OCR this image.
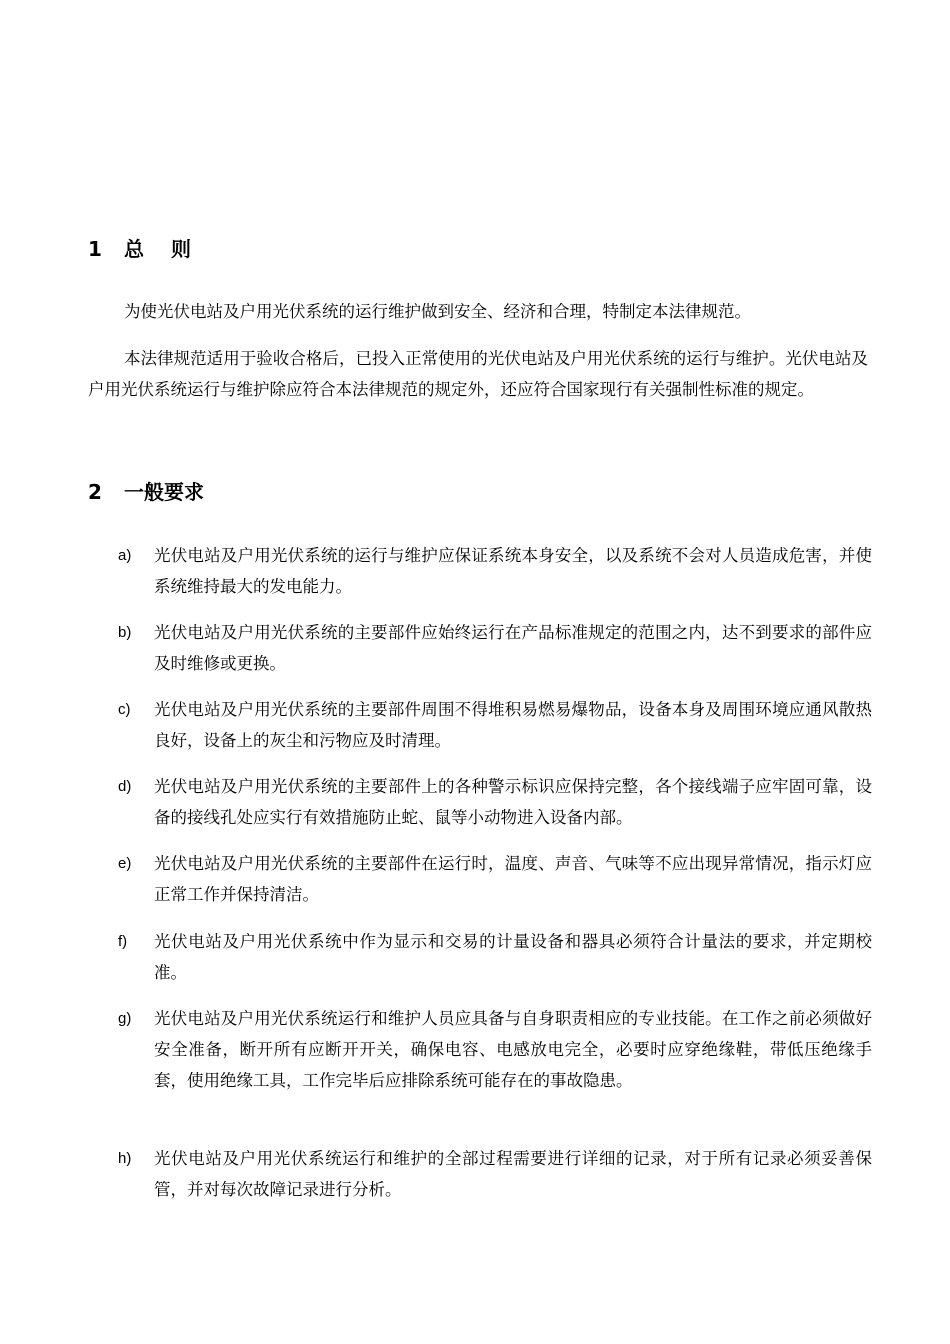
1 总 则
为使光伏电站及户用光伏系统的运行维护做到安全、经济和合理，特制定本法律规范。
本法律规范适用于验收合格后，已投入正常使用的光伏电站及户用光伏系统的运行与维护。光伏电站及户用光伏系统运行与维护除应符合本法律规范的规定外，还应符合国家现行有关强制性标准的规定。
2 一般要求
a) 光伏电站及户用光伏系统的运行与维护应保证系统本身安全，以及系统不会对人员造成危害，并使系统维持最大的发电能力。
b) 光伏电站及户用光伏系统的主要部件应始终运行在产品标准规定的范围之内，达不到要求的部件应及时维修或更换。
c) 光伏电站及户用光伏系统的主要部件周围不得堆积易燃易爆物品，设备本身及周围环境应通风散热良好，设备上的灰尘和污物应及时清理。
d) 光伏电站及户用光伏系统的主要部件上的各种警示标识应保持完整，各个接线端子应牢固可靠，设备的接线孔处应实行有效措施防止蛇、鼠等小动物进入设备内部。
e) 光伏电站及户用光伏系统的主要部件在运行时，温度、声音、气味等不应出现异常情况，指示灯应正常工作并保持清洁。
f) 光伏电站及户用光伏系统中作为显示和交易的计量设备和器具必须符合计量法的要求，并定期校准。
g) 光伏电站及户用光伏系统运行和维护人员应具备与自身职责相应的专业技能。在工作之前必须做好安全准备，断开所有应断开开关，确保电容、电感放电完全，必要时应穿绝缘鞋，带低压绝缘手套，使用绝缘工具，工作完毕后应排除系统可能存在的事故隐患。
h) 光伏电站及户用光伏系统运行和维护的全部过程需要进行详细的记录，对于所有记录必须妥善保管，并对每次故障记录进行分析。
